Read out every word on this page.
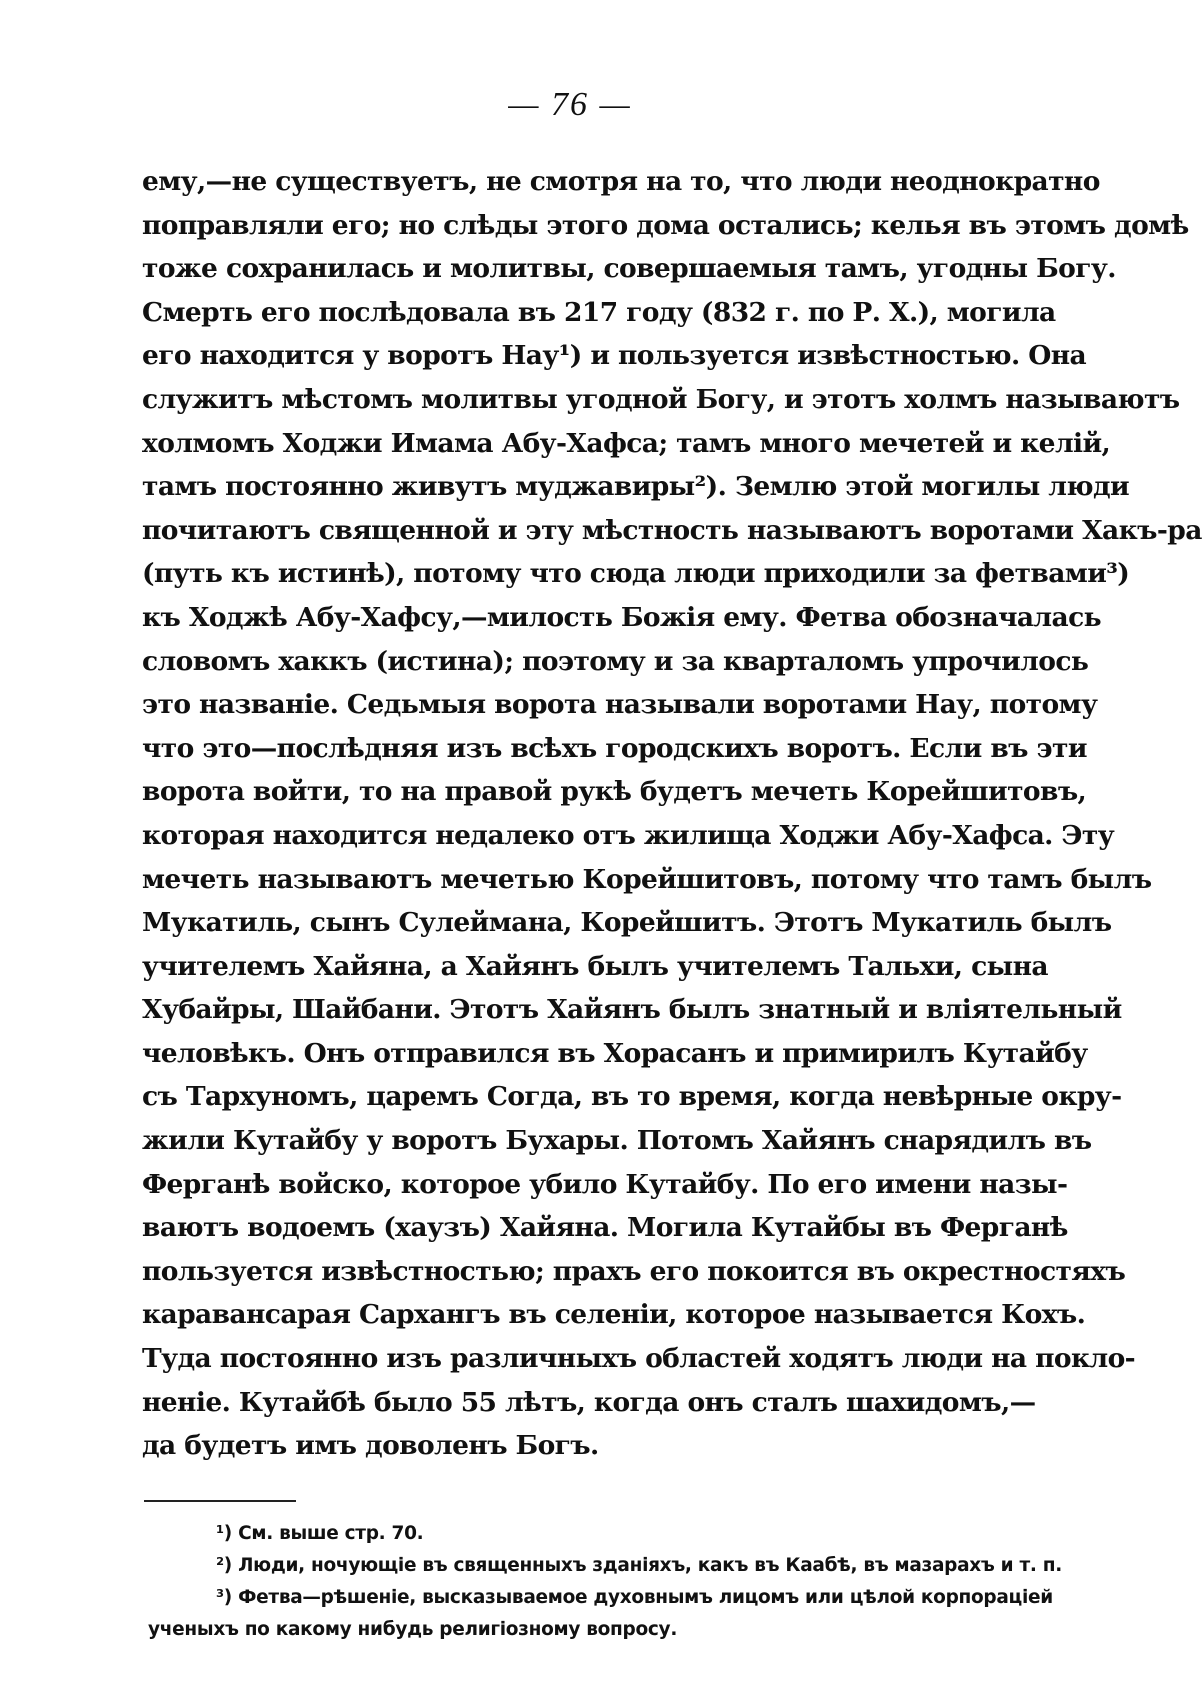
— 76 —
ему,—не существуетъ, не смотря на то, что люди неоднократно
поправляли его; но слѣды этого дома остались; келья въ этомъ домѣ
тоже сохранилась и молитвы, совершаемыя тамъ, угодны Богу.
Смерть его послѣдовала въ 217 году (832 г. по Р. Х.), могила
его находится у воротъ Нау¹) и пользуется извѣстностью. Она
служитъ мѣстомъ молитвы угодной Богу, и этотъ холмъ называютъ
холмомъ Ходжи Имама Абу-Хафса; тамъ много мечетей и келій,
тамъ постоянно живутъ муджавиры²). Землю этой могилы люди
почитаютъ священной и эту мѣстность называютъ воротами Хакъ-ра
(путь къ истинѣ), потому что сюда люди приходили за фетвами³)
къ Ходжѣ Абу-Хафсу,—милость Божія ему. Фетва обозначалась
словомъ хаккъ (истина); поэтому и за кварталомъ упрочилось
это названіе. Седьмыя ворота называли воротами Нау, потому
что это—послѣдняя изъ всѣхъ городскихъ воротъ. Если въ эти
ворота войти, то на правой рукѣ будетъ мечеть Корейшитовъ,
которая находится недалеко отъ жилища Ходжи Абу-Хафса. Эту
мечеть называютъ мечетью Корейшитовъ, потому что тамъ былъ
Мукатиль, сынъ Сулеймана, Корейшитъ. Этотъ Мукатиль былъ
учителемъ Хайяна, а Хайянъ былъ учителемъ Тальхи, сына
Хубайры, Шайбани. Этотъ Хайянъ былъ знатный и вліятельный
человѣкъ. Онъ отправился въ Хорасанъ и примирилъ Кутайбу
съ Тархуномъ, царемъ Согда, въ то время, когда невѣрные окру-
жили Кутайбу у воротъ Бухары. Потомъ Хайянъ снарядилъ въ
Ферганѣ войско, которое убило Кутайбу. По его имени назы-
ваютъ водоемъ (хаузъ) Хайяна. Могила Кутайбы въ Ферганѣ
пользуется извѣстностью; прахъ его покоится въ окрестностяхъ
каравансарая Сархангъ въ селеніи, которое называется Кохъ.
Туда постоянно изъ различныхъ областей ходятъ люди на покло-
неніе. Кутайбѣ было 55 лѣтъ, когда онъ сталъ шахидомъ,—
да будетъ имъ доволенъ Богъ.
¹) См. выше стр. 70.
²) Люди, ночующіе въ священныхъ зданіяхъ, какъ въ Каабѣ, въ мазарахъ и т. п.
³) Фетва—рѣшеніе, высказываемое духовнымъ лицомъ или цѣлой корпораціей
ученыхъ по какому нибудь религіозному вопросу.
